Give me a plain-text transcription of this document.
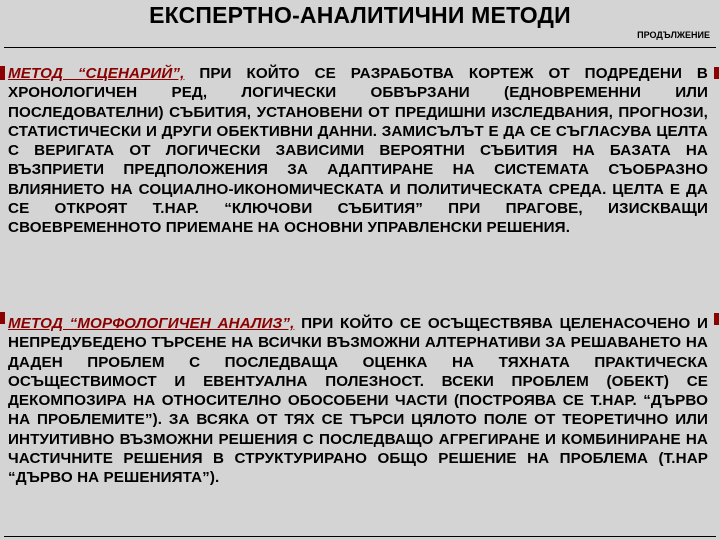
ЕКСПЕРТНО-АНАЛИТИЧНИ МЕТОДИ
ПРОДЪЛЖЕНИЕ
МЕТОД “СЦЕНАРИЙ”, ПРИ КОЙТО СЕ РАЗРАБОТВА КОРТЕЖ ОТ ПОДРЕДЕНИ В ХРОНОЛОГИЧЕН РЕД, ЛОГИЧЕСКИ ОБВЪРЗАНИ (ЕДНОВРЕМЕННИ ИЛИ ПОСЛЕДОВАТЕЛНИ) СЪБИТИЯ, УСТАНОВЕНИ ОТ ПРЕДИШНИ ИЗСЛЕДВАНИЯ, ПРОГНОЗИ, СТАТИСТИЧЕСКИ И ДРУГИ ОБЕКТИВНИ ДАННИ. ЗАМИСЪЛЪТ Е ДА СЕ СЪГЛАСУВА ЦЕЛТА С ВЕРИГАТА ОТ ЛОГИЧЕСКИ ЗАВИСИМИ ВЕРОЯТНИ СЪБИТИЯ НА БАЗАТА НА ВЪЗПРИЕТИ ПРЕДПОЛОЖЕНИЯ ЗА АДАПТИРАНЕ НА СИСТЕМАТА СЪОБРАЗНО ВЛИЯНИЕТО НА СОЦИАЛНО-ИКОНОМИЧЕСКАТА И ПОЛИТИЧЕСКАТА СРЕДА. ЦЕЛТА Е ДА СЕ ОТКРОЯТ Т.НАР. “КЛЮЧОВИ СЪБИТИЯ” ПРИ ПРАГОВЕ, ИЗИСКВАЩИ СВОЕВРЕМЕННОТО ПРИЕМАНЕ НА ОСНОВНИ УПРАВЛЕНСКИ РЕШЕНИЯ.
МЕТОД “МОРФОЛОГИЧЕН АНАЛИЗ”, ПРИ КОЙТО СЕ ОСЪЩЕСТВЯВА ЦЕЛЕНАСОЧЕНО И НЕПРЕДУБЕДЕНО ТЪРСЕНЕ НА ВСИЧКИ ВЪЗМОЖНИ АЛТЕРНАТИВИ ЗА РЕШАВАНЕТО НА ДАДЕН ПРОБЛЕМ С ПОСЛЕДВАЩА ОЦЕНКА НА ТЯХНАТА ПРАКТИЧЕСКА ОСЪЩЕСТВИМОСТ И ЕВЕНТУАЛНА ПОЛЕЗНОСТ. ВСЕКИ ПРОБЛЕМ (ОБЕКТ) СЕ ДЕКОМПОЗИРА НА ОТНОСИТЕЛНО ОБОСОБЕНИ ЧАСТИ (ПОСТРОЯВА СЕ Т.НАР. “ДЪРВО НА ПРОБЛЕМИТЕ”). ЗА ВСЯКА ОТ ТЯХ СЕ ТЪРСИ ЦЯЛОТО ПОЛЕ ОТ ТЕОРЕТИЧНО ИЛИ ИНТУИТИВНО ВЪЗМОЖНИ РЕШЕНИЯ С ПОСЛЕДВАЩО АГРЕГИРАНЕ И КОМБИНИРАНЕ НА ЧАСТИЧНИТЕ РЕШЕНИЯ В СТРУКТУРИРАНО ОБЩО РЕШЕНИЕ НА ПРОБЛЕМА (Т.НАР “ДЪРВО НА РЕШЕНИЯТА”).
